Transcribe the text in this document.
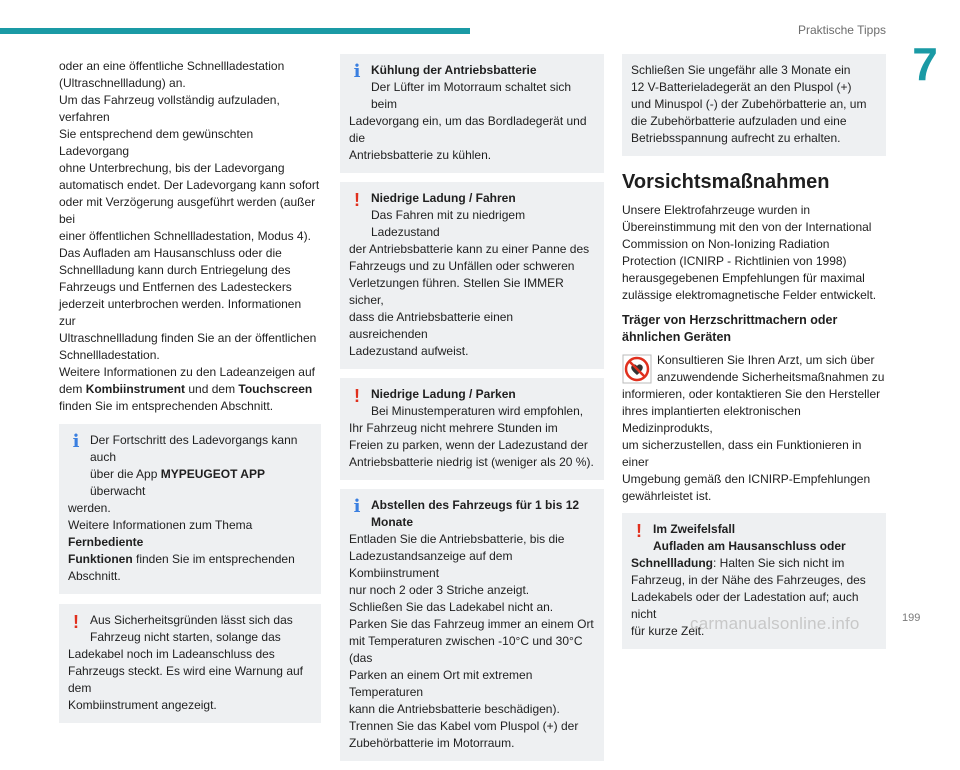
Praktische Tipps
7

oder an eine öffentliche Schnellladestation

(Ultraschnellladung) an.

Um das Fahrzeug vollständig aufzuladen, verfahren

Sie entsprechend dem gewünschten Ladevorgang

ohne Unterbrechung, bis der Ladevorgang

automatisch endet. Der Ladevorgang kann sofort

oder mit Verzögerung ausgeführt werden (außer bei

einer öffentlichen Schnellladestation, Modus 4).

Das Aufladen am Hausanschluss oder die

Schnellladung kann durch Entriegelung des

Fahrzeugs und Entfernen des Ladesteckers

jederzeit unterbrochen werden. Informationen zur

Ultraschnellladung finden Sie an der öffentlichen

Schnellladestation.

Weitere Informationen zu den Ladeanzeigen auf

dem Kombiinstrument und dem Touchscreen

finden Sie im entsprechenden Abschnitt.

i Der Fortschritt des Ladevorgangs kann auch

über die App MYPEUGEOT APP überwacht

werden.

Weitere Informationen zum Thema Fernbediente

Funktionen finden Sie im entsprechenden

Abschnitt.

! Aus Sicherheitsgründen lässt sich das

Fahrzeug nicht starten, solange das

Ladekabel noch im Ladeanschluss des

Fahrzeugs steckt. Es wird eine Warnung auf dem

Kombiinstrument angezeigt.

i Kühlung der Antriebsbatterie

Der Lüfter im Motorraum schaltet sich beim

Ladevorgang ein, um das Bordladegerät und die

Antriebsbatterie zu kühlen.

! Niedrige Ladung / Fahren

Das Fahren mit zu niedrigem Ladezustand

der Antriebsbatterie kann zu einer Panne des

Fahrzeugs und zu Unfällen oder schweren

Verletzungen führen. Stellen Sie IMMER sicher,

dass die Antriebsbatterie einen ausreichenden

Ladezustand aufweist.

! Niedrige Ladung / Parken

Bei Minustemperaturen wird empfohlen,

Ihr Fahrzeug nicht mehrere Stunden im

Freien zu parken, wenn der Ladezustand der

Antriebsbatterie niedrig ist (weniger als 20 %).

i Abstellen des Fahrzeugs für 1 bis 12

Monate

Entladen Sie die Antriebsbatterie, bis die

Ladezustandsanzeige auf dem Kombiinstrument

nur noch 2 oder 3 Striche anzeigt.

Schließen Sie das Ladekabel nicht an.

Parken Sie das Fahrzeug immer an einem Ort

mit Temperaturen zwischen -10°C und 30°C (das

Parken an einem Ort mit extremen Temperaturen

kann die Antriebsbatterie beschädigen).

Trennen Sie das Kabel vom Pluspol (+) der

Zubehörbatterie im Motorraum.

Schließen Sie ungefähr alle 3 Monate ein

12 V-Batterieladegerät an den Pluspol (+)

und Minuspol (-) der Zubehörbatterie an, um

die Zubehörbatterie aufzuladen und eine

Betriebsspannung aufrecht zu erhalten.

Vorsichtsmaßnahmen

Unsere Elektrofahrzeuge wurden in

Übereinstimmung mit den von der International

Commission on Non-Ionizing Radiation

Protection (ICNIRP - Richtlinien von 1998)

herausgegebenen Empfehlungen für maximal

zulässige elektromagnetische Felder entwickelt.

Träger von Herzschrittmachern oder
ähnlichen Geräten

Konsultieren Sie Ihren Arzt, um sich über

anzuwendende Sicherheitsmaßnahmen zu

informieren, oder kontaktieren Sie den Hersteller

ihres implantierten elektronischen Medizinprodukts,

um sicherzustellen, dass ein Funktionieren in einer

Umgebung gemäß den ICNIRP-Empfehlungen

gewährleistet ist.

! Im Zweifelsfall

Aufladen am Hausanschluss oder

Schnellladung: Halten Sie sich nicht im

Fahrzeug, in der Nähe des Fahrzeuges, des

Ladekabels oder der Ladestation auf; auch nicht

für kurze Zeit.

carmanualsonline.info	199
